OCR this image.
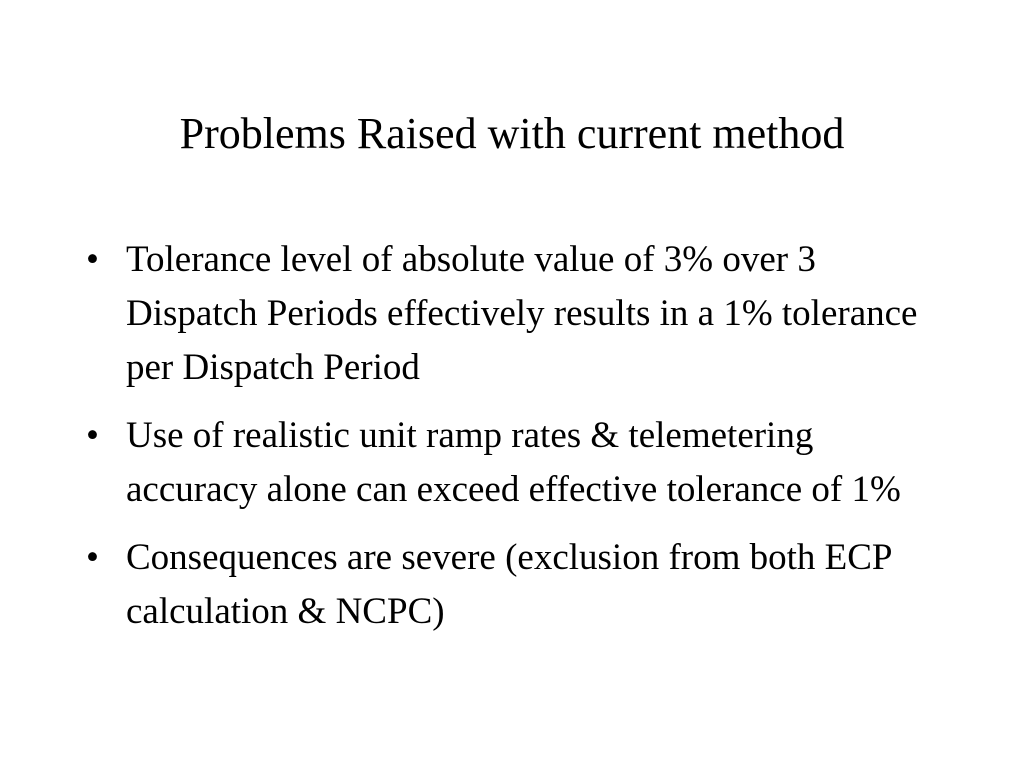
Problems Raised with current method
• Tolerance level of absolute value of 3% over 3 Dispatch Periods effectively results in a 1% tolerance per Dispatch Period
• Use of realistic unit ramp rates & telemetering accuracy alone can exceed effective tolerance of 1%
• Consequences are severe (exclusion from both ECP calculation & NCPC)
